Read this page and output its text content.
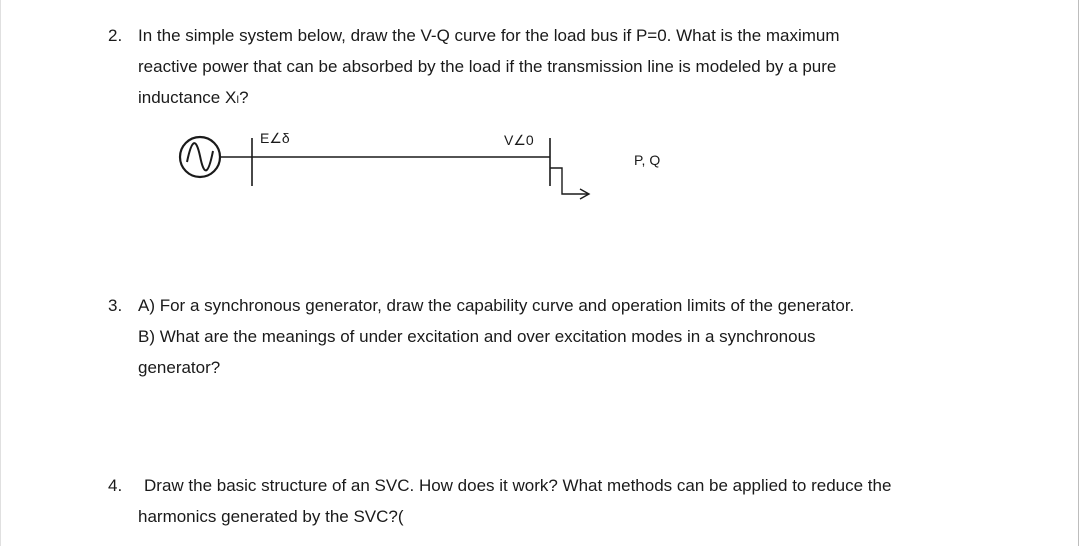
2. In the simple system below, draw the V-Q curve for the load bus if P=0. What is the maximum
reactive power that can be absorbed by the load if the transmission line is modeled by a pure
inductance Xₗ?
E∠δ	V∠0
P, Q
3. A) For a synchronous generator, draw the capability curve and operation limits of the generator.
B) What are the meanings of under excitation and over excitation modes in a synchronous
generator?
4. Draw the basic structure of an SVC. How does it work? What methods can be applied to reduce the
harmonics generated by the SVC?(
